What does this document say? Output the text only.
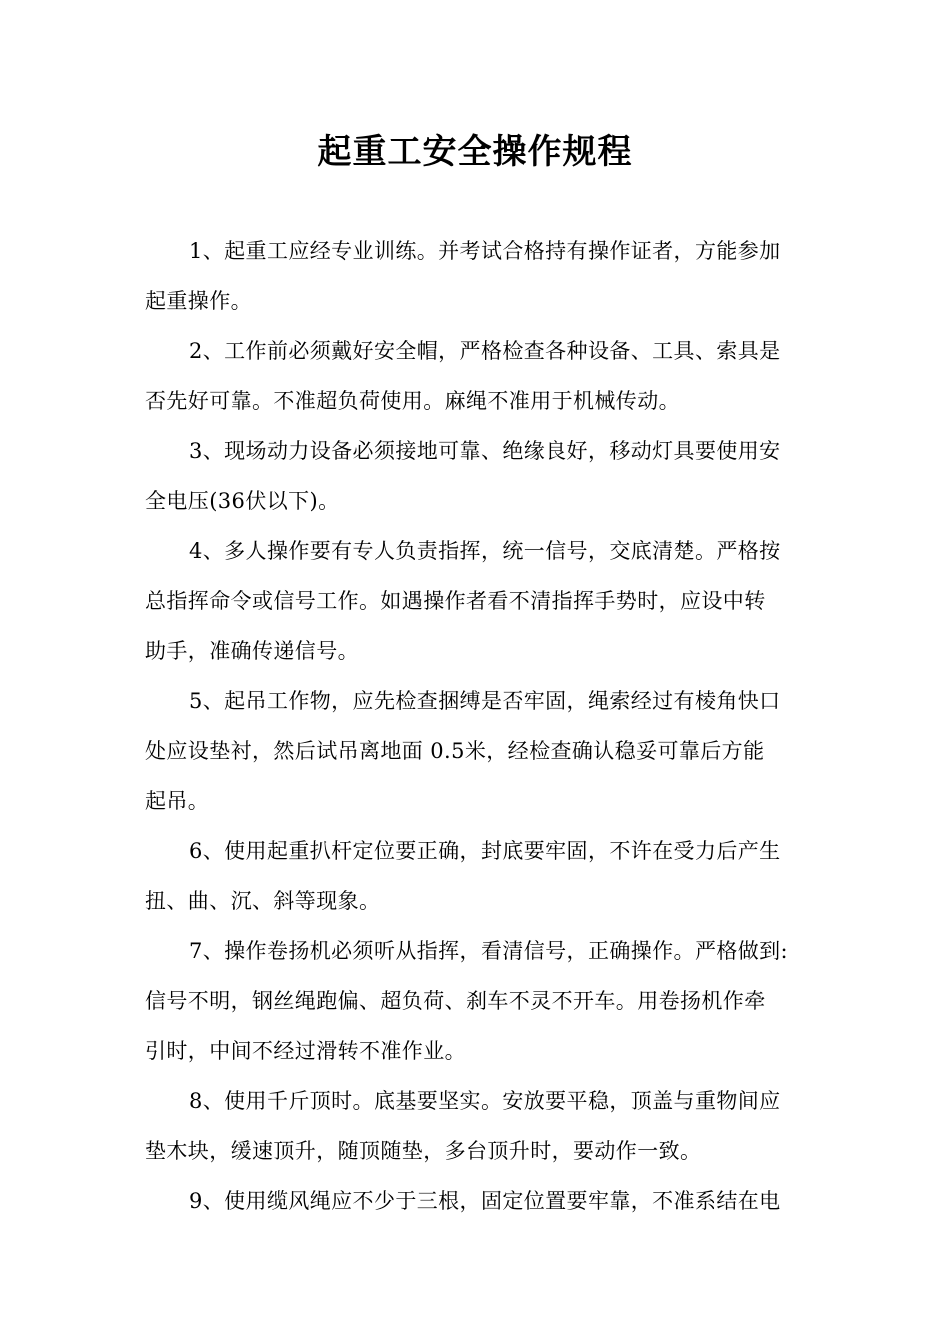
起重工安全操作规程
1、起重工应经专业训练。并考试合格持有操作证者，方能参加
起重操作。
2、工作前必须戴好安全帽，严格检查各种设备、工具、索具是
否先好可靠。不准超负荷使用。麻绳不准用于机械传动。
3、现场动力设备必须接地可靠、绝缘良好，移动灯具要使用安
全电压(36伏以下)。
4、多人操作要有专人负责指挥，统一信号，交底清楚。严格按
总指挥命令或信号工作。如遇操作者看不清指挥手势时，应设中转
助手，准确传递信号。
5、起吊工作物，应先检查捆缚是否牢固，绳索经过有棱角快口
处应设垫衬，然后试吊离地面 0.5米，经检查确认稳妥可靠后方能
起吊。
6、使用起重扒杆定位要正确，封底要牢固，不许在受力后产生
扭、曲、沉、斜等现象。
7、操作卷扬机必须听从指挥，看清信号，正确操作。严格做到:
信号不明，钢丝绳跑偏、超负荷、刹车不灵不开车。用卷扬机作牵
引时，中间不经过滑转不准作业。
8、使用千斤顶时。底基要坚实。安放要平稳，顶盖与重物间应
垫木块，缓速顶升，随顶随垫，多台顶升时，要动作一致。
9、使用缆风绳应不少于三根，固定位置要牢靠，不准系结在电
